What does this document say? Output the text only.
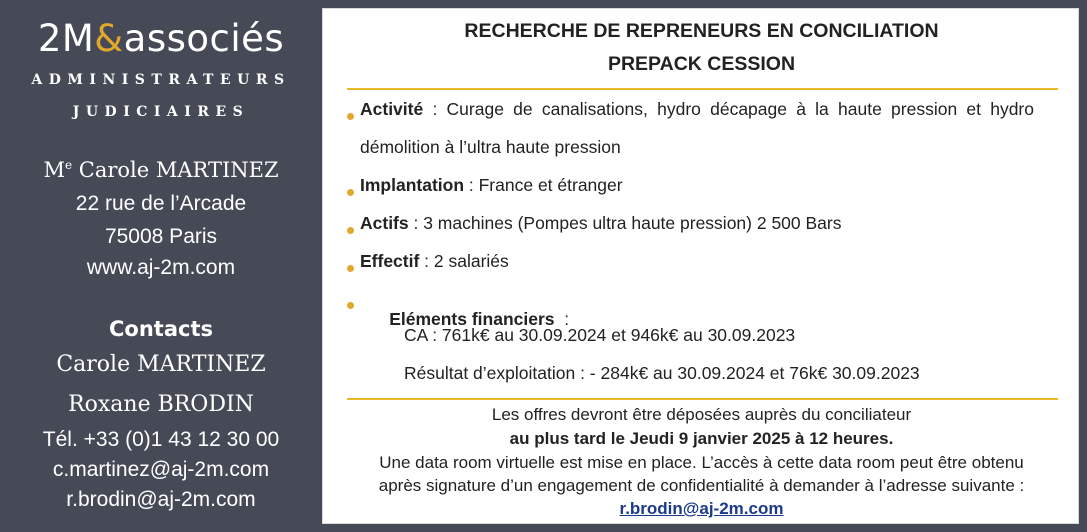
2M&associés
ADMINISTRATEURS
JUDICIAIRES
Me Carole MARTINEZ
22 rue de l’Arcade
75008 Paris
www.aj-2m.com
Contacts
Carole MARTINEZ
Roxane BRODIN
Tél. +33 (0)1 43 12 30 00
c.martinez@aj-2m.com
r.brodin@aj-2m.com
RECHERCHE DE REPRENEURS EN CONCILIATION
PREPACK CESSION
Activité : Curage de canalisations, hydro décapage à la haute pression et hydro
démolition à l’ultra haute pression
Implantation : France et étranger
Actifs : 3 machines (Pompes ultra haute pression) 2 500 Bars
Effectif : 2 salariés

Eléments financiers  :

CA : 761k€ au 30.09.2024 et 946k€ au 30.09.2023
Résultat d’exploitation : - 284k€ au 30.09.2024 et 76k€ 30.09.2023
Les offres devront être déposées auprès du conciliateur
au plus tard le Jeudi 9 janvier 2025 à 12 heures.
Une data room virtuelle est mise en place. L’accès à cette data room peut être obtenu
après signature d’un engagement de confidentialité à demander à l’adresse suivante :
r.brodin@aj-2m.com
